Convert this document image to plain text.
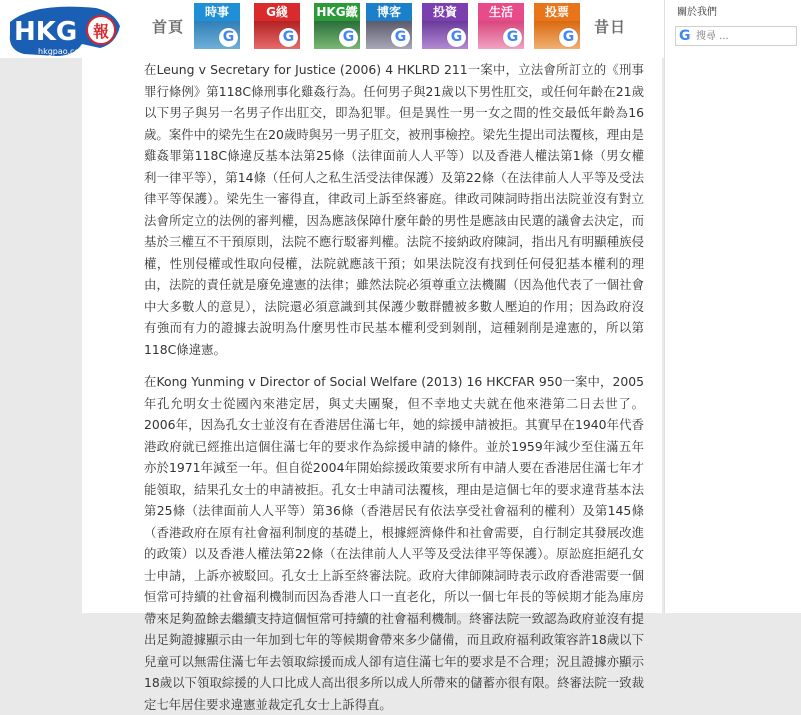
HKG 報
hkgpao.com
首頁
時事
G
G綫
G
HKG鐵
G
博客
G
投資
G
生活
G
投票
G
昔日
關於我們
G
搜尋 ...

在Leung v Secretary for Justice (2006) 4 HKLRD 211一案中，立法會所訂立的《刑事罪行條例》第118C條刑事化雞姦行為。任何男子與21歲以下男性肛交，或任何年齡在21歲以下男子與另一名男子作出肛交，即為犯罪。但是異性一男一女之間的性交最低年齡為16歲。案件中的梁先生在20歲時與另一男子肛交，被刑事檢控。梁先生提出司法覆核，理由是雞姦罪第118C條違反基本法第25條（法律面前人人平等）以及香港人權法第1條（男女權利一律平等），第14條（任何人之私生活受法律保護）及第22條（在法律前人人平等及受法律平等保護）。梁先生一審得直，律政司上訴至終審庭。律政司陳詞時指出法院並沒有對立法會所定立的法例的審判權，因為應該保障什麼年齡的男性是應該由民選的議會去決定，而基於三權互不干預原則，法院不應行駁審判權。法院不接納政府陳詞，指出凡有明顯種族侵權，性別侵權或性取向侵權，法院就應該干預；如果法院沒有找到任何侵犯基本權利的理由，法院的責任就是廢免違憲的法律；雖然法院必須尊重立法機關（因為他代表了一個社會中大多數人的意見），法院還必須意識到其保護少數群體被多數人壓迫的作用；因為政府沒有強而有力的證據去說明為什麼男性市民基本權利受到剝削，這種剝削是違憲的，所以第118C條違憲。

在Kong Yunming v Director of Social Welfare (2013) 16 HKCFAR 950一案中，2005年孔允明女士從國內來港定居，與丈夫團聚，但不幸地丈夫就在他來港第二日去世了。2006年，因為孔女士並沒有在香港居住滿七年，她的綜援申請被拒。其實早在1940年代香港政府就已經推出這個住滿七年的要求作為綜援申請的條件。並於1959年減少至住滿五年亦於1971年減至一年。但自從2004年開始綜援政策要求所有申請人要在香港居住滿七年才能領取，結果孔女士的申請被拒。孔女士申請司法覆核，理由是這個七年的要求違背基本法第25條（法律面前人人平等）第36條（香港居民有依法享受社會福利的權利）及第145條（香港政府在原有社會福利制度的基礎上，根據經濟條件和社會需要，自行制定其發展改進的政策）以及香港人權法第22條（在法律前人人平等及受法律平等保護）。原訟庭拒絕孔女士申請，上訴亦被駁回。孔女士上訴至終審法院。政府大律師陳詞時表示政府香港需要一個恒常可持續的社會福利機制而因為香港人口一直老化，所以一個七年長的等候期才能為庫房帶來足夠盈餘去繼續支持這個恒常可持續的社會福利機制。終審法院一致認為政府並沒有提出足夠證據顯示由一年加到七年的等候期會帶來多少儲備，而且政府福利政策容許18歲以下兒童可以無需住滿七年去領取綜援而成人卻有這住滿七年的要求是不合理；況且證據亦顯示18歲以下領取綜援的人口比成人高出很多所以成人所帶來的儲蓄亦很有限。終審法院一致裁定七年居住要求違憲並裁定孔女士上訴得直。
